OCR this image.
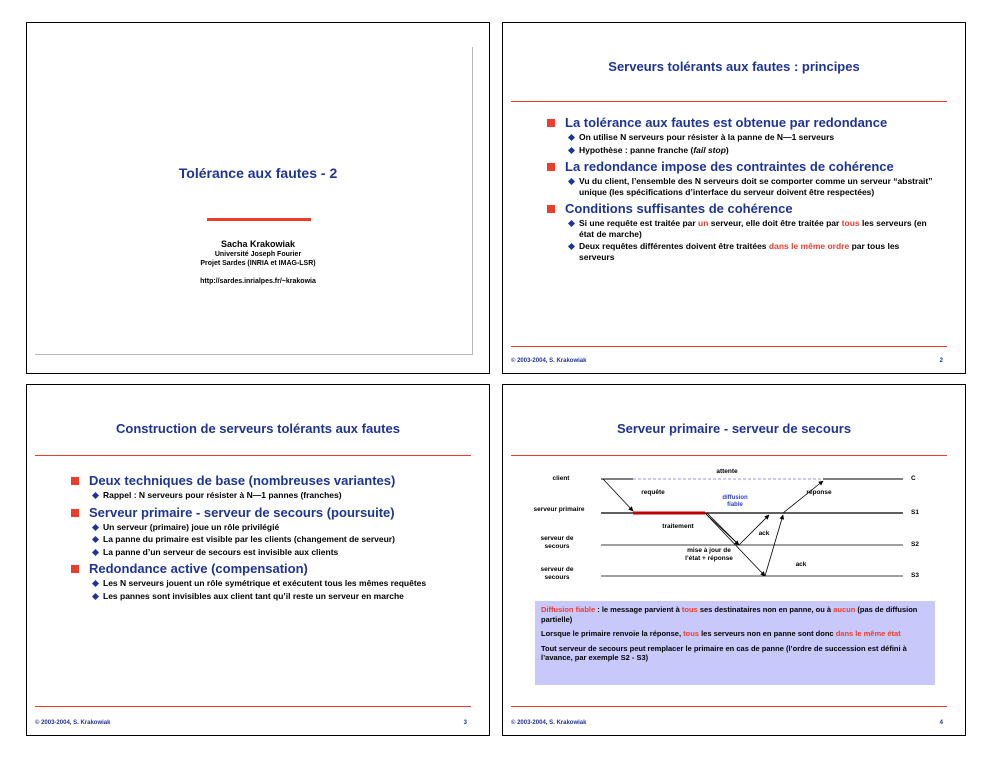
Tolérance aux fautes - 2
Sacha Krakowiak
Université Joseph Fourier
Projet Sardes (INRIA et IMAG-LSR)
http://sardes.inrialpes.fr/~krakowia
Serveurs tolérants aux fautes : principes
La tolérance aux fautes est obtenue par redondance
On utilise N serveurs pour résister à la panne de N—1 serveurs
Hypothèse : panne franche (fail stop)
La redondance impose des contraintes de cohérence
Vu du client, l’ensemble des N serveurs doit se comporter comme un serveur “abstrait” unique (les spécifications d’interface du serveur doivent être respectées)
Conditions suffisantes de cohérence
Si une requête est traitée par un serveur, elle doit être traitée par tous les serveurs (en état de marche)
Deux requêtes différentes doivent être traitées dans le même ordre par tous les serveurs
© 2003-2004, S. Krakowiak	2
Construction de serveurs tolérants aux fautes
Deux techniques de base (nombreuses variantes)
Rappel : N serveurs pour résister à N—1 pannes (franches)
Serveur primaire - serveur de secours (poursuite)
Un serveur (primaire) joue un rôle privilégié
La panne du primaire est visible par les clients (changement de serveur)
La panne d’un serveur de secours est invisible aux clients
Redondance active (compensation)
Les N serveurs jouent un rôle symétrique et exécutent tous les mêmes requêtes
Les pannes sont invisibles aux client tant qu’il reste un serveur en marche
© 2003-2004, S. Krakowiak	3
Serveur primaire - serveur de secours
client
serveur primaire
serveur de secours
serveur de secours
C
S1
S2
S3
attente
requête
diffusion fiable
réponse
traitement
ack
ack
mise à jour de l’état + réponse

Diffusion fiable : le message parvient à tous ses destinataires non en panne, ou à aucun (pas de diffusion partielle)

Lorsque le primaire renvoie la réponse, tous les serveurs non en panne sont donc dans le même état

Tout serveur de secours peut remplacer le primaire en cas de panne (l’ordre de succession est défini à l’avance, par exemple S2 - S3)

© 2003-2004, S. Krakowiak	4
